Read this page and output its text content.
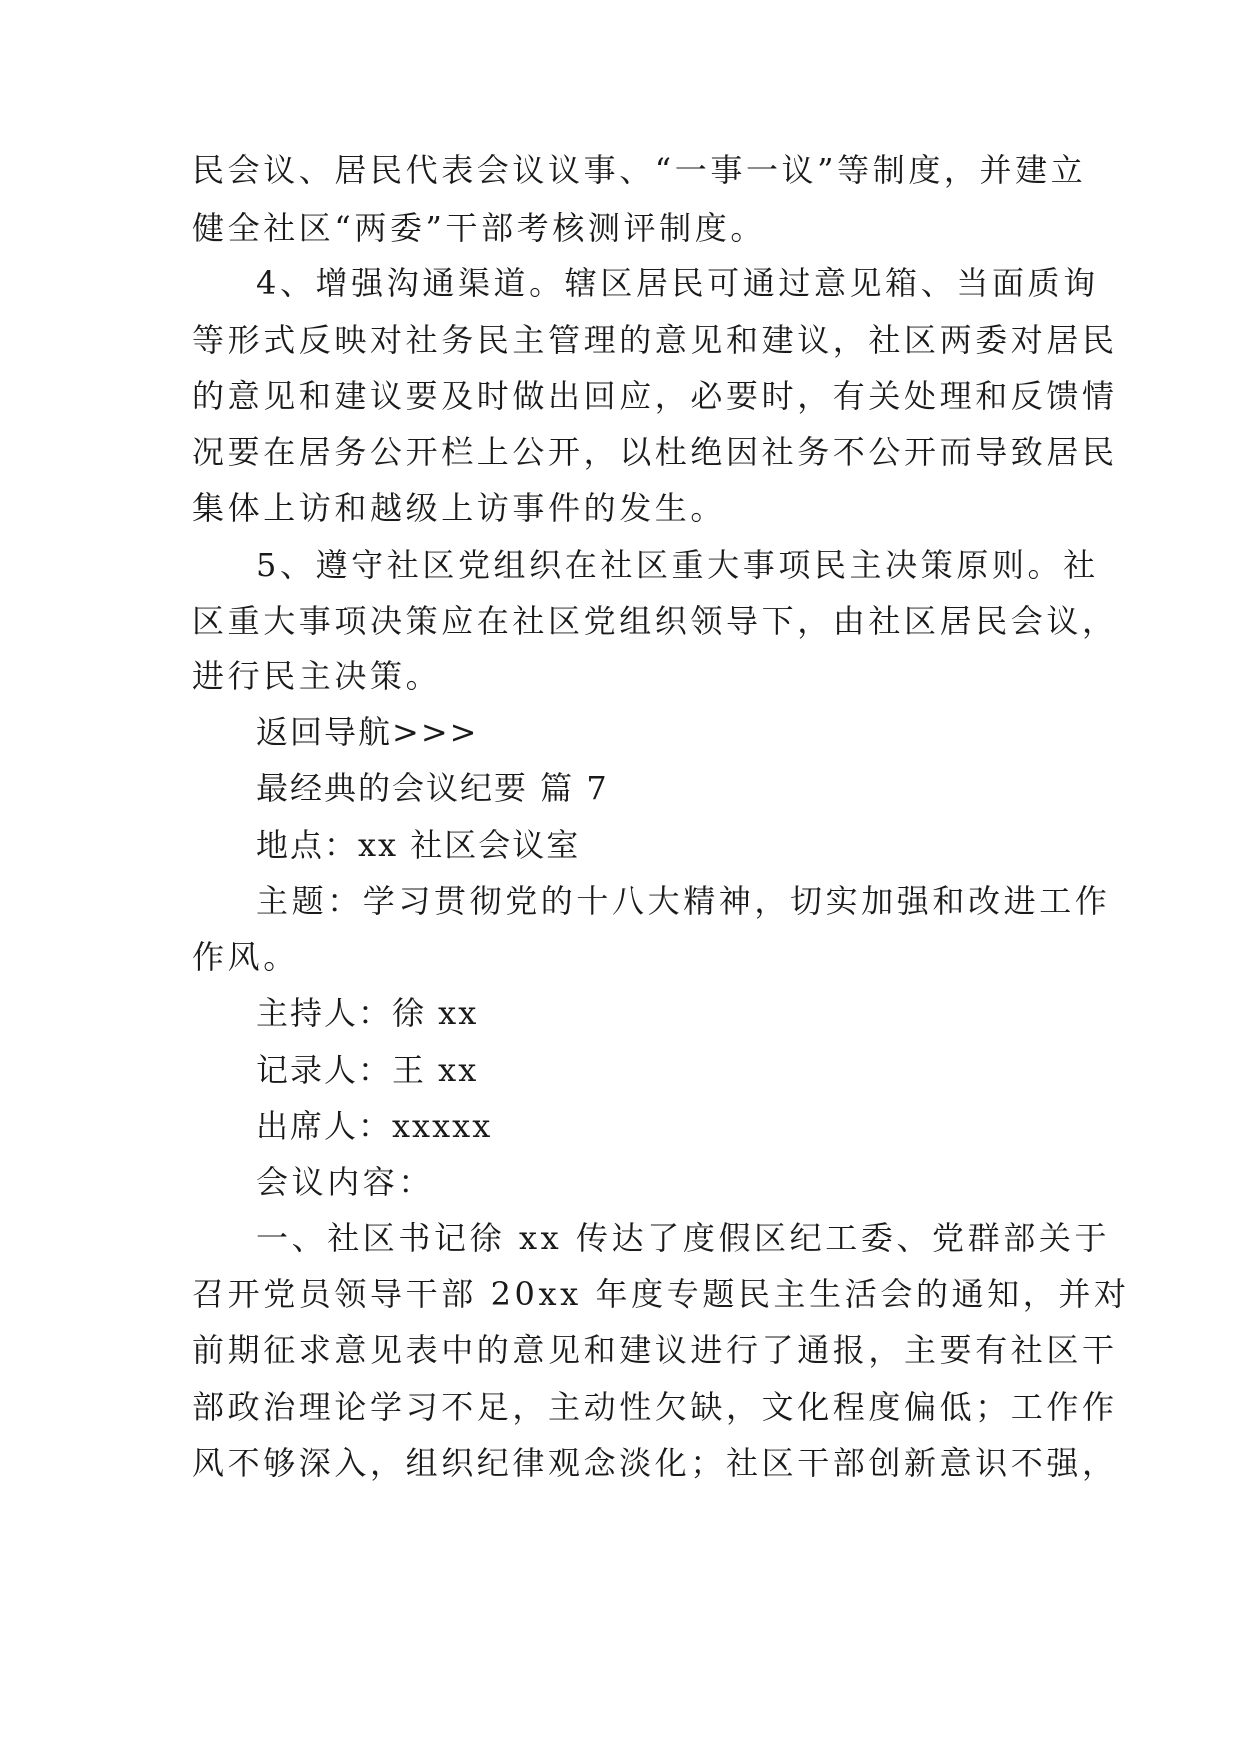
民会议、居民代表会议议事、“一事一议”等制度，并建立
健全社区“两委”干部考核测评制度。
4、增强沟通渠道。辖区居民可通过意见箱、当面质询
等形式反映对社务民主管理的意见和建议，社区两委对居民
的意见和建议要及时做出回应，必要时，有关处理和反馈情
况要在居务公开栏上公开，以杜绝因社务不公开而导致居民
集体上访和越级上访事件的发生。
5、遵守社区党组织在社区重大事项民主决策原则。社
区重大事项决策应在社区党组织领导下，由社区居民会议，
进行民主决策。
返回导航>>>
最经典的会议纪要 篇 7
地点：xx 社区会议室
主题：学习贯彻党的十八大精神，切实加强和改进工作
作风。
主持人：徐 xx
记录人：王 xx
出席人：xxxxx
会议内容：
一、社区书记徐 xx 传达了度假区纪工委、党群部关于
召开党员领导干部 20xx 年度专题民主生活会的通知，并对
前期征求意见表中的意见和建议进行了通报，主要有社区干
部政治理论学习不足，主动性欠缺，文化程度偏低；工作作
风不够深入，组织纪律观念淡化；社区干部创新意识不强，
